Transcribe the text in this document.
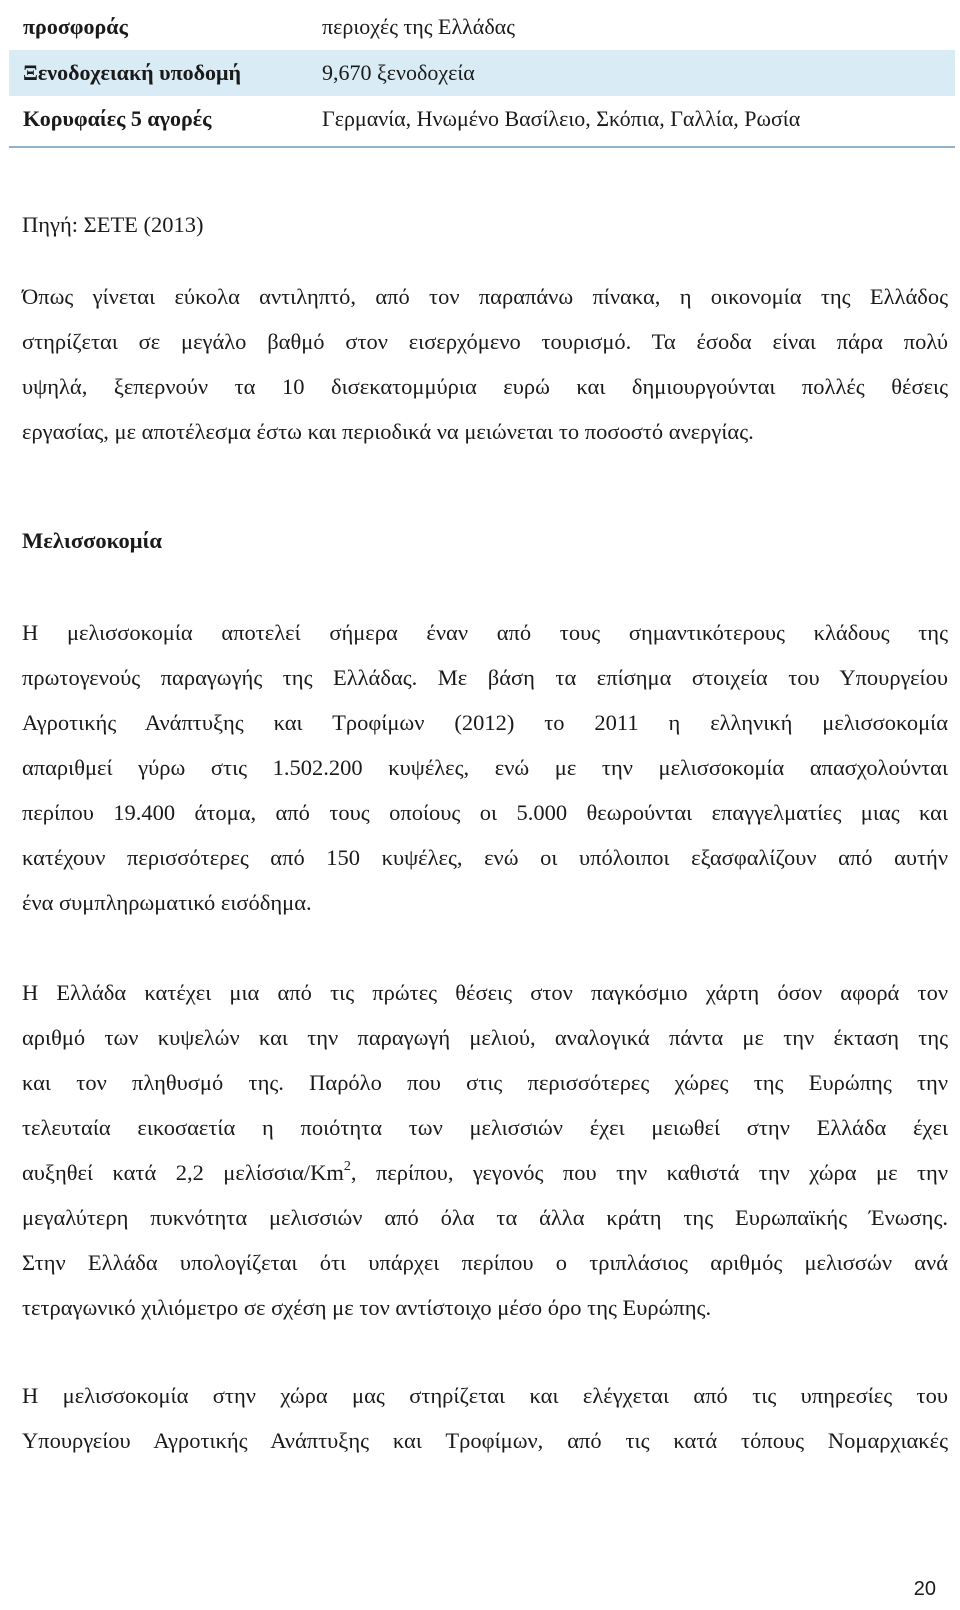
προσφοράς	περιοχές της Ελλάδας
Ξενοδοχειακή υποδομή	9,670 ξενοδοχεία
Κορυφαίες 5 αγορές	Γερμανία, Ηνωμένο Βασίλειο, Σκόπια, Γαλλία, Ρωσία
Πηγή: ΣΕΤΕ (2013)
Όπως γίνεται εύκολα αντιληπτό, από τον παραπάνω πίνακα, η οικονομία της Ελλάδος
στηρίζεται σε μεγάλο βαθμό στον εισερχόμενο τουρισμό. Τα έσοδα είναι πάρα πολύ
υψηλά, ξεπερνούν τα 10 δισεκατομμύρια ευρώ και δημιουργούνται πολλές θέσεις
εργασίας, με αποτέλεσμα έστω και περιοδικά να μειώνεται το ποσοστό ανεργίας.
Μελισσοκομία
Η μελισσοκομία αποτελεί σήμερα έναν από τους σημαντικότερους κλάδους της
πρωτογενούς παραγωγής της Ελλάδας. Με βάση τα επίσημα στοιχεία του Υπουργείου
Αγροτικής Ανάπτυξης και Τροφίμων (2012) το 2011 η ελληνική μελισσοκομία
απαριθμεί γύρω στις 1.502.200 κυψέλες, ενώ με την μελισσοκομία απασχολούνται
περίπου 19.400 άτομα, από τους οποίους οι 5.000 θεωρούνται επαγγελματίες μιας και
κατέχουν περισσότερες από 150 κυψέλες, ενώ οι υπόλοιποι εξασφαλίζουν από αυτήν
ένα συμπληρωματικό εισόδημα.
Η Ελλάδα κατέχει μια από τις πρώτες θέσεις στον παγκόσμιο χάρτη όσον αφορά τον
αριθμό των κυψελών και την παραγωγή μελιού, αναλογικά πάντα με την έκταση της
και τον πληθυσμό της. Παρόλο που στις περισσότερες χώρες της Ευρώπης την
τελευταία εικοσαετία η ποιότητα των μελισσιών έχει μειωθεί στην Ελλάδα έχει
αυξηθεί κατά 2,2 μελίσσια/Km$^2$, περίπου, γεγονός που την καθιστά την χώρα με την
μεγαλύτερη πυκνότητα μελισσιών από όλα τα άλλα κράτη της Ευρωπαϊκής Ένωσης.
Στην Ελλάδα υπολογίζεται ότι υπάρχει περίπου ο τριπλάσιος αριθμός μελισσών ανά
τετραγωνικό χιλιόμετρο σε σχέση με τον αντίστοιχο μέσο όρο της Ευρώπης.
Η μελισσοκομία στην χώρα μας στηρίζεται και ελέγχεται από τις υπηρεσίες του
Υπουργείου Αγροτικής Ανάπτυξης και Τροφίμων, από τις κατά τόπους Νομαρχιακές
20
